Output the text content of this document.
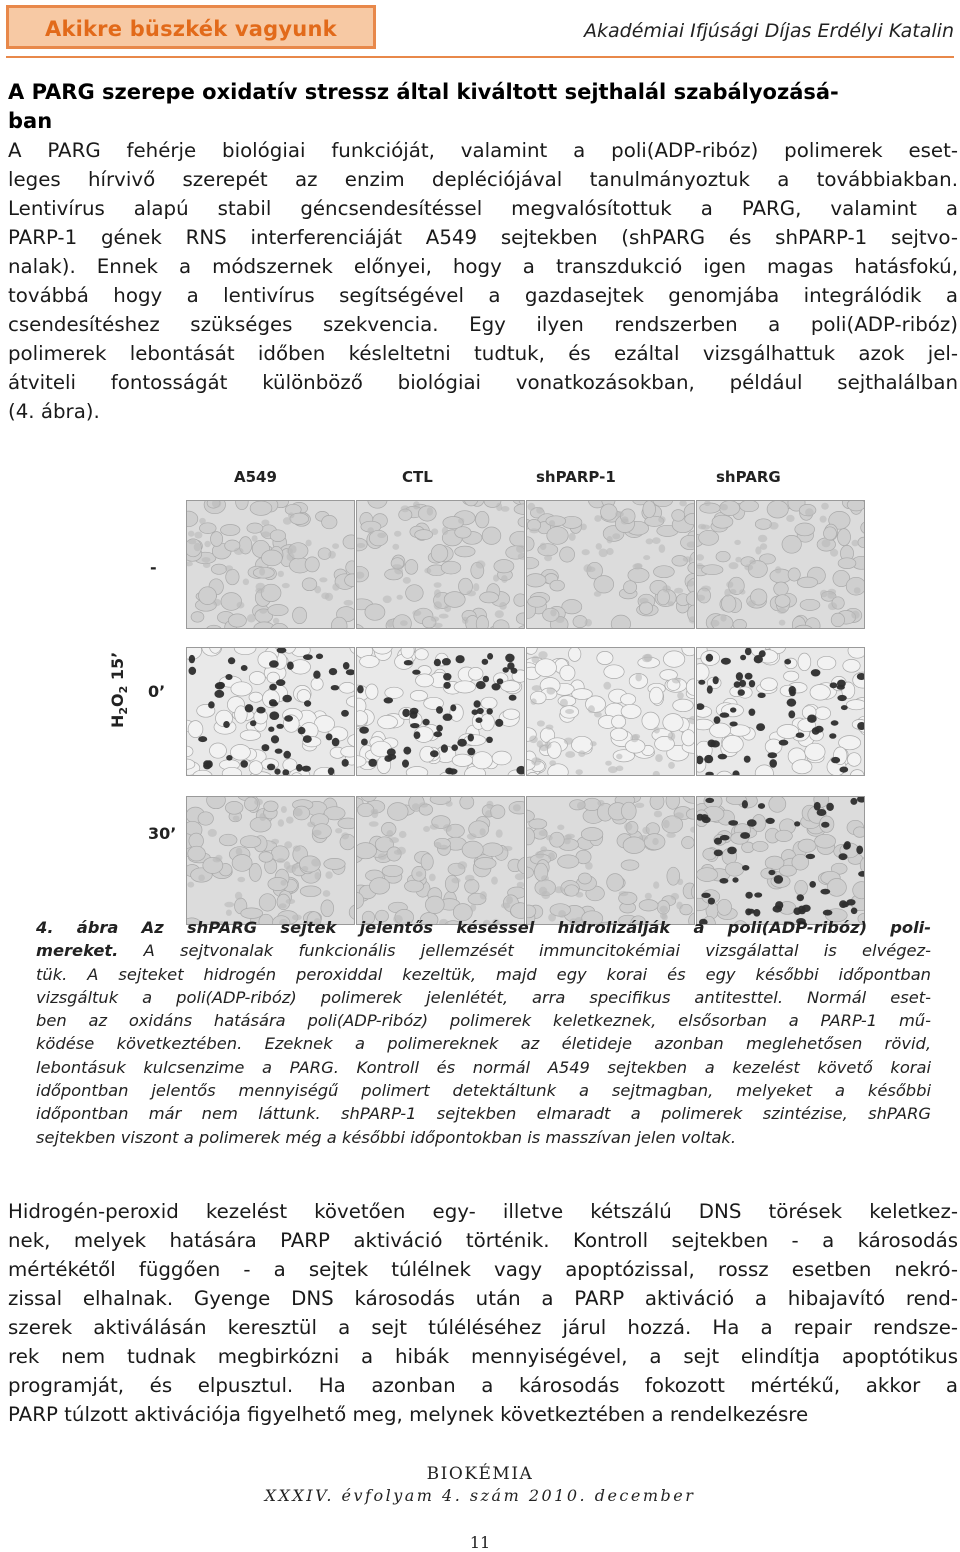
Akikre büszkék vagyunk	Akadémiai Ifjúsági Díjas Erdélyi Katalin
A PARG szerepe oxidatív stressz által kiváltott sejthalál szabályozásá-
ban

A PARG fehérje biológiai funkcióját, valamint a poli(ADP-ribóz) polimerek eset-
leges hírvivő szerepét az enzim depléciójával tanulmányoztuk a továbbiakban.
Lentivírus alapú stabil géncsendesítéssel megvalósítottuk a PARG, valamint a
PARP-1 gének RNS interferenciáját A549 sejtekben (shPARG és shPARP-1 sejtvo-
nalak). Ennek a módszernek előnyei, hogy a transzdukció igen magas hatásfokú,
továbbá hogy a lentivírus segítségével a gazdasejtek genomjába integrálódik a
csendesítéshez szükséges szekvencia. Egy ilyen rendszerben a poli(ADP-ribóz)
polimerek lebontását időben késleltetni tudtuk, és ezáltal vizsgálhattuk azok jel-
átviteli fontosságát különböző biológiai vonatkozásokban, például sejthalálban
(4. ábra).

A549	CTL	shPARP-1	shPARG
-
0’
30’
$H_2O_2$ 15’
4. ábra Az shPARG sejtek jelentős késéssel hidrolizálják a poli(ADP-ribóz) poli-
mereket. A sejtvonalak funkcionális jellemzését immuncitokémiai vizsgálattal is elvégez-
tük. A sejteket hidrogén peroxiddal kezeltük, majd egy korai és egy későbbi időpontban
vizsgáltuk a poli(ADP-ribóz) polimerek jelenlétét, arra specifikus antitesttel. Normál eset-
ben az oxidáns hatására poli(ADP-ribóz) polimerek keletkeznek, elsősorban a PARP-1 mű-
ködése következtében. Ezeknek a polimereknek az életideje azonban meglehetősen rövid,
lebontásuk kulcsenzime a PARG. Kontroll és normál A549 sejtekben a kezelést követő korai
időpontban jelentős mennyiségű polimert detektáltunk a sejtmagban, melyeket a későbbi
időpontban már nem láttunk. shPARP-1 sejtekben elmaradt a polimerek szintézise, shPARG
sejtekben viszont a polimerek még a későbbi időpontokban is masszívan jelen voltak.

Hidrogén-peroxid kezelést követően egy- illetve kétszálú DNS törések keletkez-
nek, melyek hatására PARP aktiváció történik. Kontroll sejtekben - a károsodás
mértékétől függően - a sejtek túlélnek vagy apoptózissal, rossz esetben nekró-
zissal elhalnak. Gyenge DNS károsodás után a PARP aktiváció a hibajavító rend-
szerek aktiválásán keresztül a sejt túléléséhez járul hozzá. Ha a repair rendsze-
rek nem tudnak megbirkózni a hibák mennyiségével, a sejt elindítja apoptótikus
programját, és elpusztul. Ha azonban a károsodás fokozott mértékű, akkor a
PARP túlzott aktivációja figyelhető meg, melynek következtében a rendelkezésre

BIOKÉMIA
XXXIV. évfolyam 4. szám 2010. december
11
